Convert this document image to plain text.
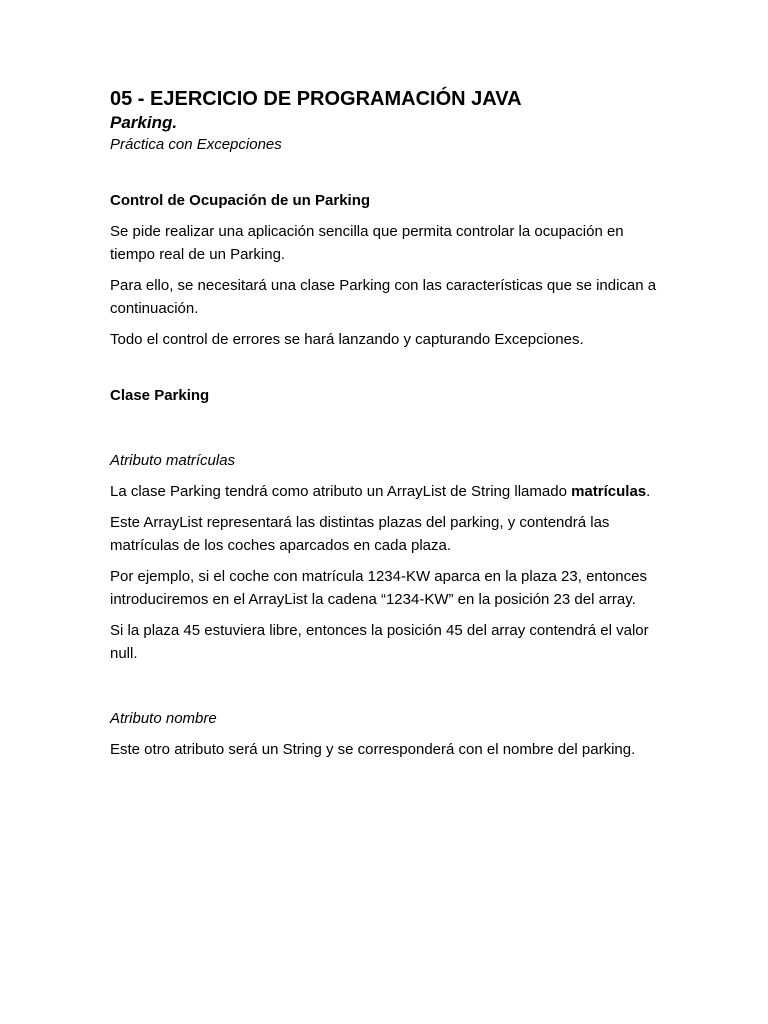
05 - EJERCICIO DE PROGRAMACIÓN JAVA
Parking.

Práctica con Excepciones

Control de Ocupación de un Parking

Se pide realizar una aplicación sencilla que permita controlar la ocupación en tiempo real de un Parking.

Para ello, se necesitará una clase Parking con las características que se indican a continuación.

Todo el control de errores se hará lanzando y capturando Excepciones.

Clase Parking

Atributo matrículas

La clase Parking tendrá como atributo un ArrayList de String llamado matrículas.

Este ArrayList representará las distintas plazas del parking, y contendrá las matrículas de los coches aparcados en cada plaza.

Por ejemplo, si el coche con matrícula 1234-KW aparca en la plaza 23, entonces introduciremos en el ArrayList la cadena “1234-KW” en la posición 23 del array.

Si la plaza 45 estuviera libre, entonces la posición 45 del array contendrá el valor null.

Atributo nombre

Este otro atributo será un String y se corresponderá con el nombre del parking.
